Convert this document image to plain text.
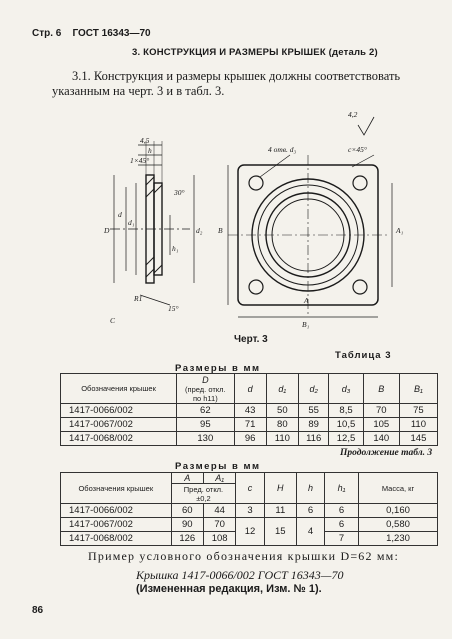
Стр. 6 ГОСТ 16343—70
3. КОНСТРУКЦИЯ И РАЗМЕРЫ КРЫШЕК (деталь 2)
3.1. Конструкция и размеры крышек должны соответствовать
указанным на черт. 3 и в табл. 3.
4,2
4,5
h
1×45°
4 отв. d₃	c×45°
D
d
d₁
d₂
h₁
B	A₁
A
B₁
R1
15°
30°
C
Черт. 3
Таблица 3
Размеры в мм
Обозначения крышек	D
(пред. откл.
по h11)	d	d₁	d₂	d₃	B	B₁
1417-0066/002	62	43	50	55	8,5	70	75
1417-0067/002	95	71	80	89	10,5	105	110
1417-0068/002	130	96	110	116	12,5	140	145
Размеры в мм
Продолжение табл. 3
Обозначения крышек	A	A₁	c	H	h	h₁	Масса, кг

	Пред. откл.
±0,2						

1417-0066/002	60	44	3	11	6	6	0,160
1417-0067/002	90	70	12	15	4	6	0,580
1417-0068/002	126	108				7	1,230
Пример условного обозначения крышки D=62 мм:
Крышка 1417-0066/002 ГОСТ 16343—70
(Измененная редакция, Изм. № 1).
86
